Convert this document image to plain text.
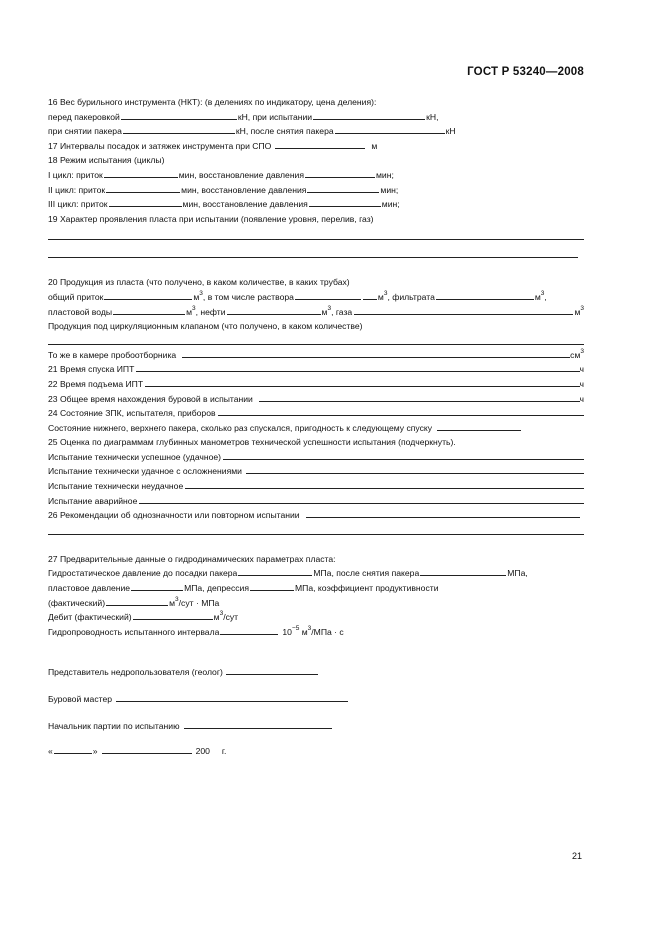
ГОСТ Р 53240—2008
16 Вес бурильного инструмента (НКТ): (в делениях по индикатору, цена деления):
перед пакеровкой	кН, при испытании	кН,
при снятии пакера	кН, после снятия пакера	кН
17 Интервалы посадок и затяжек инструмента при СПО	м
18 Режим испытания (циклы)
I цикл: приток	мин, восстановление давления	мин;
II цикл: приток	мин, восстановление давления	мин;
III цикл: приток	мин, восстановление давления	мин;
19 Характер проявления пласта при испытании (появление уровня, перелив, газ)
20 Продукция из пласта (что получено, в каком количестве, в каких трубах)
общий приток	$м^3$, в том числе раствора	$м^3$, фильтрата	$м^3$,
пластовой воды	$м^3$, нефти	$м^3$, газа	$м^3$
Продукция под циркуляционным клапаном (что получено, в каком количестве)
То же в камере пробоотборника	$см^3$
21 Время спуска ИПТ	ч
22 Время подъема ИПТ	ч
23 Общее время нахождения буровой в испытании	ч
24 Состояние ЗПК, испытателя, приборов
Состояние нижнего, верхнего пакера, сколько раз спускался, пригодность к следующему спуску
25 Оценка по диаграммам глубинных манометров технической успешности испытания (подчеркнуть).
Испытание технически успешное (удачное)
Испытание технически удачное с осложнениями
Испытание технически неудачное
Испытание аварийное
26 Рекомендации об однозначности или повторном испытании
27 Предварительные данные о гидродинамических параметрах пласта:
Гидростатическое давление до посадки пакера	МПа, после снятия пакера	МПа ,
пластовое давление	МПа, депрессия	МПа, коэффициент продуктивности
(фактический)	$м^3$/сут · МПа
Дебит (фактический)	$м^3$/сут
Гидропроводность испытанного интервала	$10^{-5}$ $м^3$/МПа · с
Представитель недропользователя (геолог)
Буровой мастер
Начальник партии по испытанию
«	»	200 г.
21
